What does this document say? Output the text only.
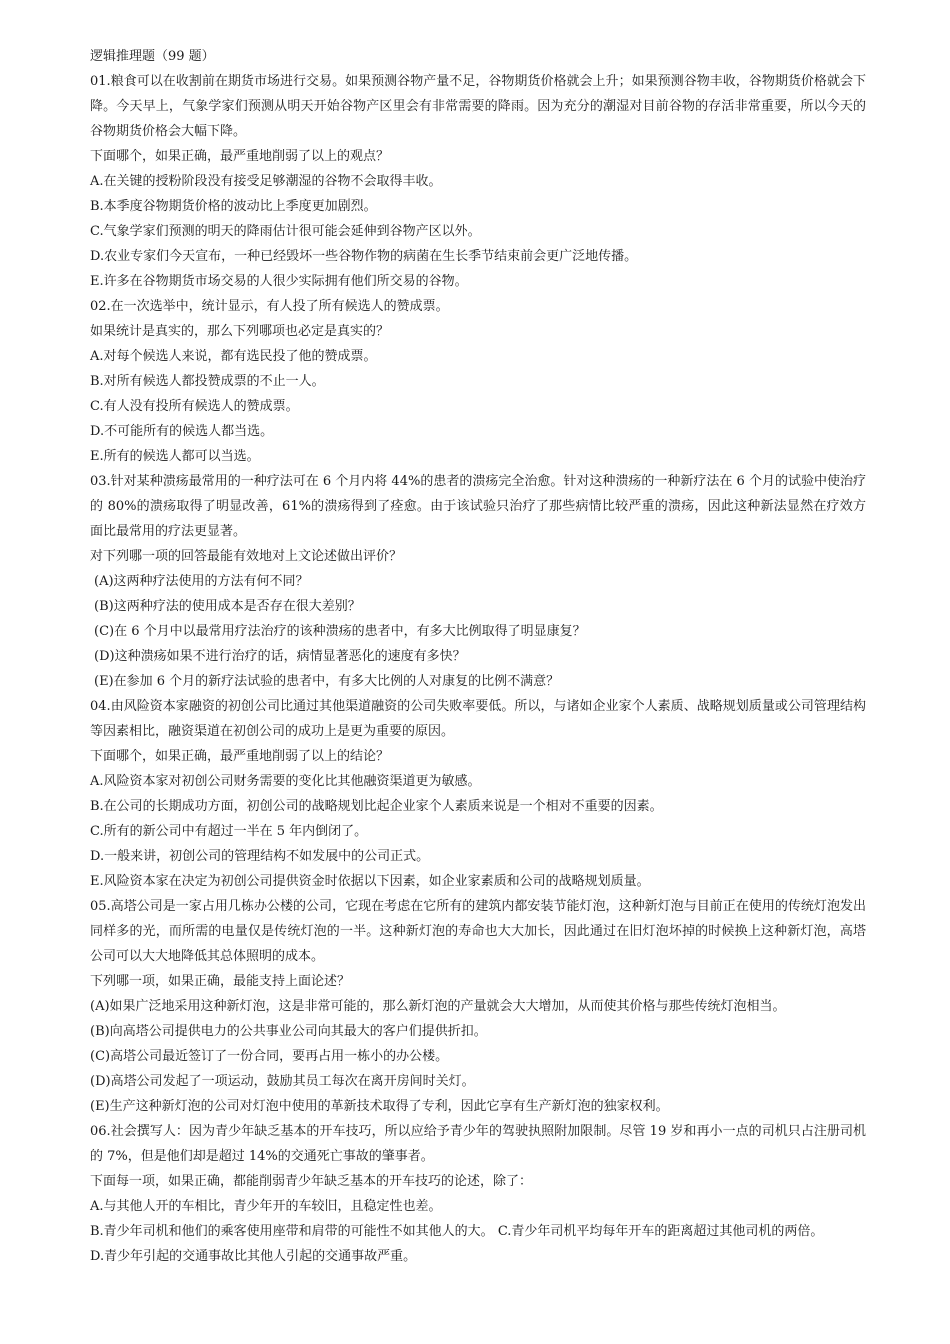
逻辑推理题（99 题）

01.粮食可以在收割前在期货市场进行交易。如果预测谷物产量不足，谷物期货价格就会上升；如果预测谷物丰收，谷物期货价格就会下降。今天早上，气象学家们预测从明天开始谷物产区里会有非常需要的降雨。因为充分的潮湿对目前谷物的存活非常重要，所以今天的谷物期货价格会大幅下降。

下面哪个，如果正确，最严重地削弱了以上的观点？

A.在关键的授粉阶段没有接受足够潮湿的谷物不会取得丰收。

B.本季度谷物期货价格的波动比上季度更加剧烈。

C.气象学家们预测的明天的降雨估计很可能会延伸到谷物产区以外。

D.农业专家们今天宣布，一种已经毁坏一些谷物作物的病菌在生长季节结束前会更广泛地传播。

E.许多在谷物期货市场交易的人很少实际拥有他们所交易的谷物。

02.在一次选举中，统计显示，有人投了所有候选人的赞成票。

如果统计是真实的，那么下列哪项也必定是真实的？

A.对每个候选人来说，都有选民投了他的赞成票。

B.对所有候选人都投赞成票的不止一人。

C.有人没有投所有候选人的赞成票。

D.不可能所有的候选人都当选。

E.所有的候选人都可以当选。

03.针对某种溃疡最常用的一种疗法可在 6 个月内将 44%的患者的溃疡完全治愈。针对这种溃疡的一种新疗法在 6 个月的试验中使治疗的 80%的溃疡取得了明显改善，61%的溃疡得到了痊愈。由于该试验只治疗了那些病情比较严重的溃疡，因此这种新法显然在疗效方面比最常用的疗法更显著。

对下列哪一项的回答最能有效地对上文论述做出评价？

(A)这两种疗法使用的方法有何不同？

(B)这两种疗法的使用成本是否存在很大差别？

(C)在 6 个月中以最常用疗法治疗的该种溃疡的患者中，有多大比例取得了明显康复？

(D)这种溃疡如果不进行治疗的话，病情显著恶化的速度有多快？

(E)在参加 6 个月的新疗法试验的患者中，有多大比例的人对康复的比例不满意？

04.由风险资本家融资的初创公司比通过其他渠道融资的公司失败率要低。所以，与诸如企业家个人素质、战略规划质量或公司管理结构等因素相比，融资渠道在初创公司的成功上是更为重要的原因。

下面哪个，如果正确，最严重地削弱了以上的结论？

A.风险资本家对初创公司财务需要的变化比其他融资渠道更为敏感。

B.在公司的长期成功方面，初创公司的战略规划比起企业家个人素质来说是一个相对不重要的因素。

C.所有的新公司中有超过一半在 5 年内倒闭了。

D.一般来讲，初创公司的管理结构不如发展中的公司正式。

E.风险资本家在决定为初创公司提供资金时依据以下因素，如企业家素质和公司的战略规划质量。

05.高塔公司是一家占用几栋办公楼的公司，它现在考虑在它所有的建筑内都安装节能灯泡，这种新灯泡与目前正在使用的传统灯泡发出同样多的光，而所需的电量仅是传统灯泡的一半。这种新灯泡的寿命也大大加长，因此通过在旧灯泡坏掉的时候换上这种新灯泡，高塔公司可以大大地降低其总体照明的成本。

下列哪一项，如果正确，最能支持上面论述？

(A)如果广泛地采用这种新灯泡，这是非常可能的，那么新灯泡的产量就会大大增加，从而使其价格与那些传统灯泡相当。

(B)向高塔公司提供电力的公共事业公司向其最大的客户们提供折扣。

(C)高塔公司最近签订了一份合同，要再占用一栋小的办公楼。

(D)高塔公司发起了一项运动，鼓励其员工每次在离开房间时关灯。

(E)生产这种新灯泡的公司对灯泡中使用的革新技术取得了专利，因此它享有生产新灯泡的独家权利。

06.社会撰写人：因为青少年缺乏基本的开车技巧，所以应给予青少年的驾驶执照附加限制。尽管 19 岁和再小一点的司机只占注册司机的 7%，但是他们却是超过 14%的交通死亡事故的肇事者。

下面每一项，如果正确，都能削弱青少年缺乏基本的开车技巧的论述，除了：

A.与其他人开的车相比，青少年开的车较旧，且稳定性也差。

B.青少年司机和他们的乘客使用座带和肩带的可能性不如其他人的大。 C.青少年司机平均每年开车的距离超过其他司机的两倍。

D.青少年引起的交通事故比其他人引起的交通事故严重。
